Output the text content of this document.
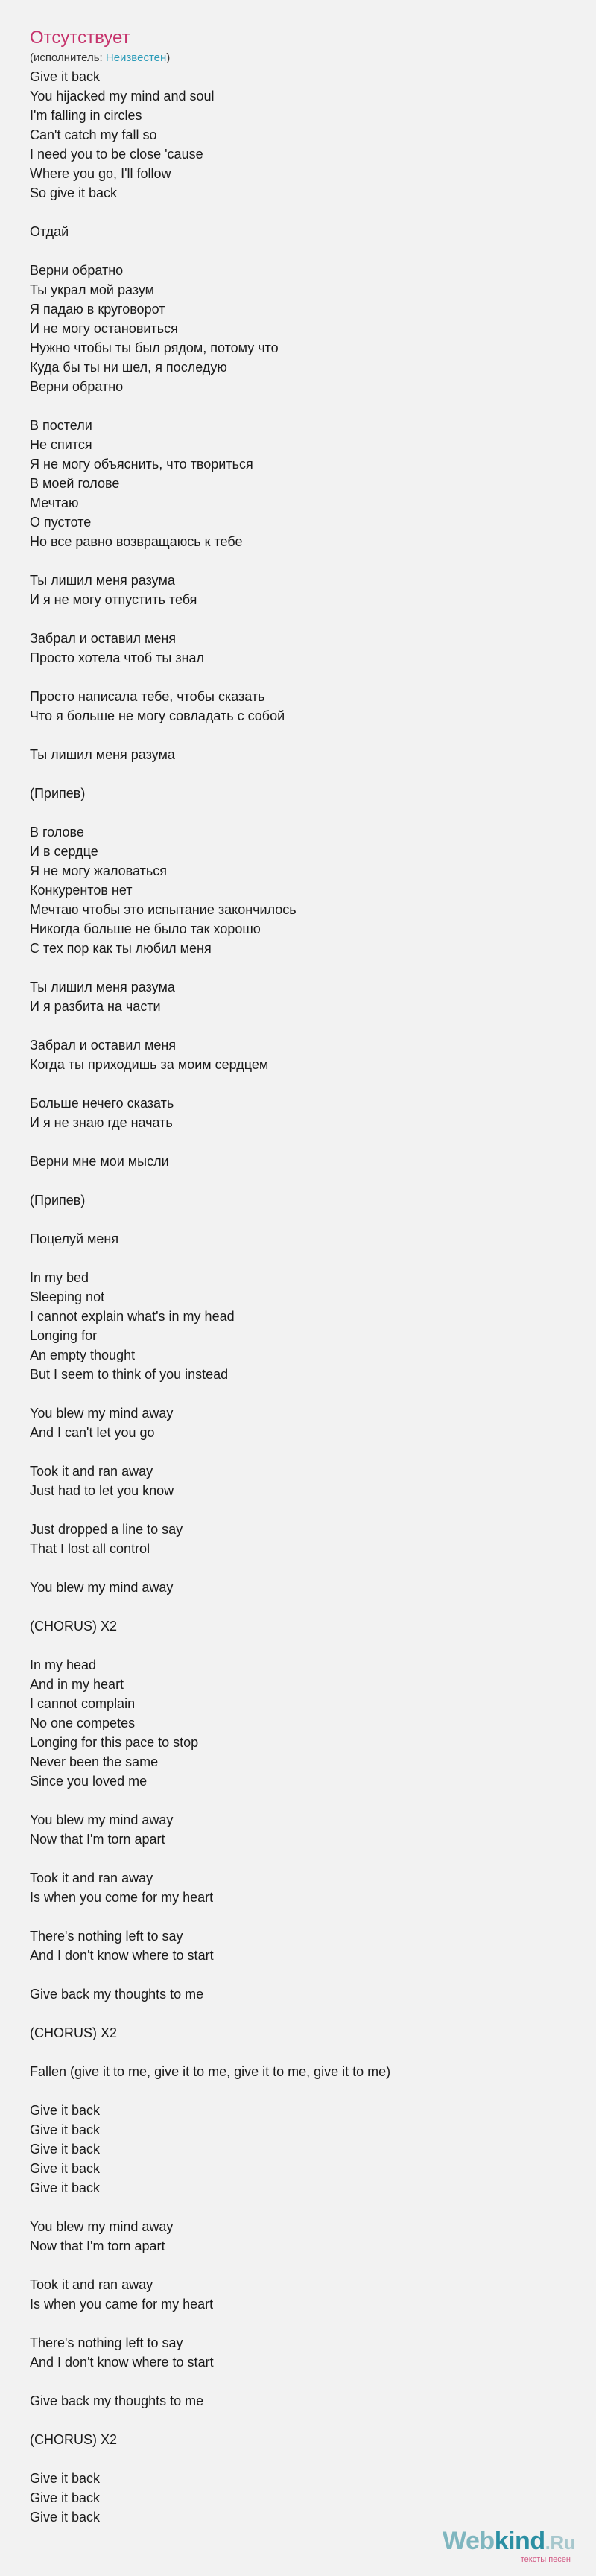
Отсутствует
(исполнитель: Неизвестен)
Give it back
You hijacked my mind and soul
I'm falling in circles
Can't catch my fall so
I need you to be close 'cause
Where you go, I'll follow
So give it back

Отдай

Верни обратно
Ты украл мой разум
Я падаю в круговорот
И не могу остановиться
Нужно чтобы ты был рядом, потому что
Куда бы ты ни шел, я последую
Верни обратно

В постели
Не спится
Я не могу объяснить, что твориться
В моей голове
Мечтаю
О пустоте
Но все равно возвращаюсь к тебе

Ты лишил меня разума
И я не могу отпустить тебя

Забрал и оставил меня
Просто хотела чтоб ты знал

Просто написала тебе, чтобы сказать
Что я больше не могу совладать с собой

Ты лишил меня разума

(Припев)

В голове
И в сердце
Я не могу жаловаться
Конкурентов нет
Мечтаю чтобы это испытание закончилось
Никогда больше не было так хорошо
С тех пор как ты любил меня

Ты лишил меня разума
И я разбита на части

Забрал и оставил меня
Когда ты приходишь за моим сердцем

Больше нечего сказать
И я не знаю где начать

Верни мне мои мысли

(Припев)

Поцелуй меня

In my bed
Sleeping not
I cannot explain what's in my head
Longing for
An empty thought
But I seem to think of you instead

You blew my mind away
And I can't let you go

Took it and ran away
Just had to let you know

Just dropped a line to say
That I lost all control

You blew my mind away

(CHORUS) X2

In my head
And in my heart
I cannot complain
No one competes
Longing for this pace to stop
Never been the same
Since you loved me

You blew my mind away
Now that I'm torn apart

Took it and ran away
Is when you come for my heart

There's nothing left to say
And I don't know where to start

Give back my thoughts to me

(CHORUS) X2

Fallen (give it to me, give it to me, give it to me, give it to me)

Give it back
Give it back
Give it back
Give it back
Give it back

You blew my mind away
Now that I'm torn apart

Took it and ran away
Is when you came for my heart

There's nothing left to say
And I don't know where to start

Give back my thoughts to me

(CHORUS) X2

Give it back
Give it back
Give it back
Webkind.Ru
тексты песен
